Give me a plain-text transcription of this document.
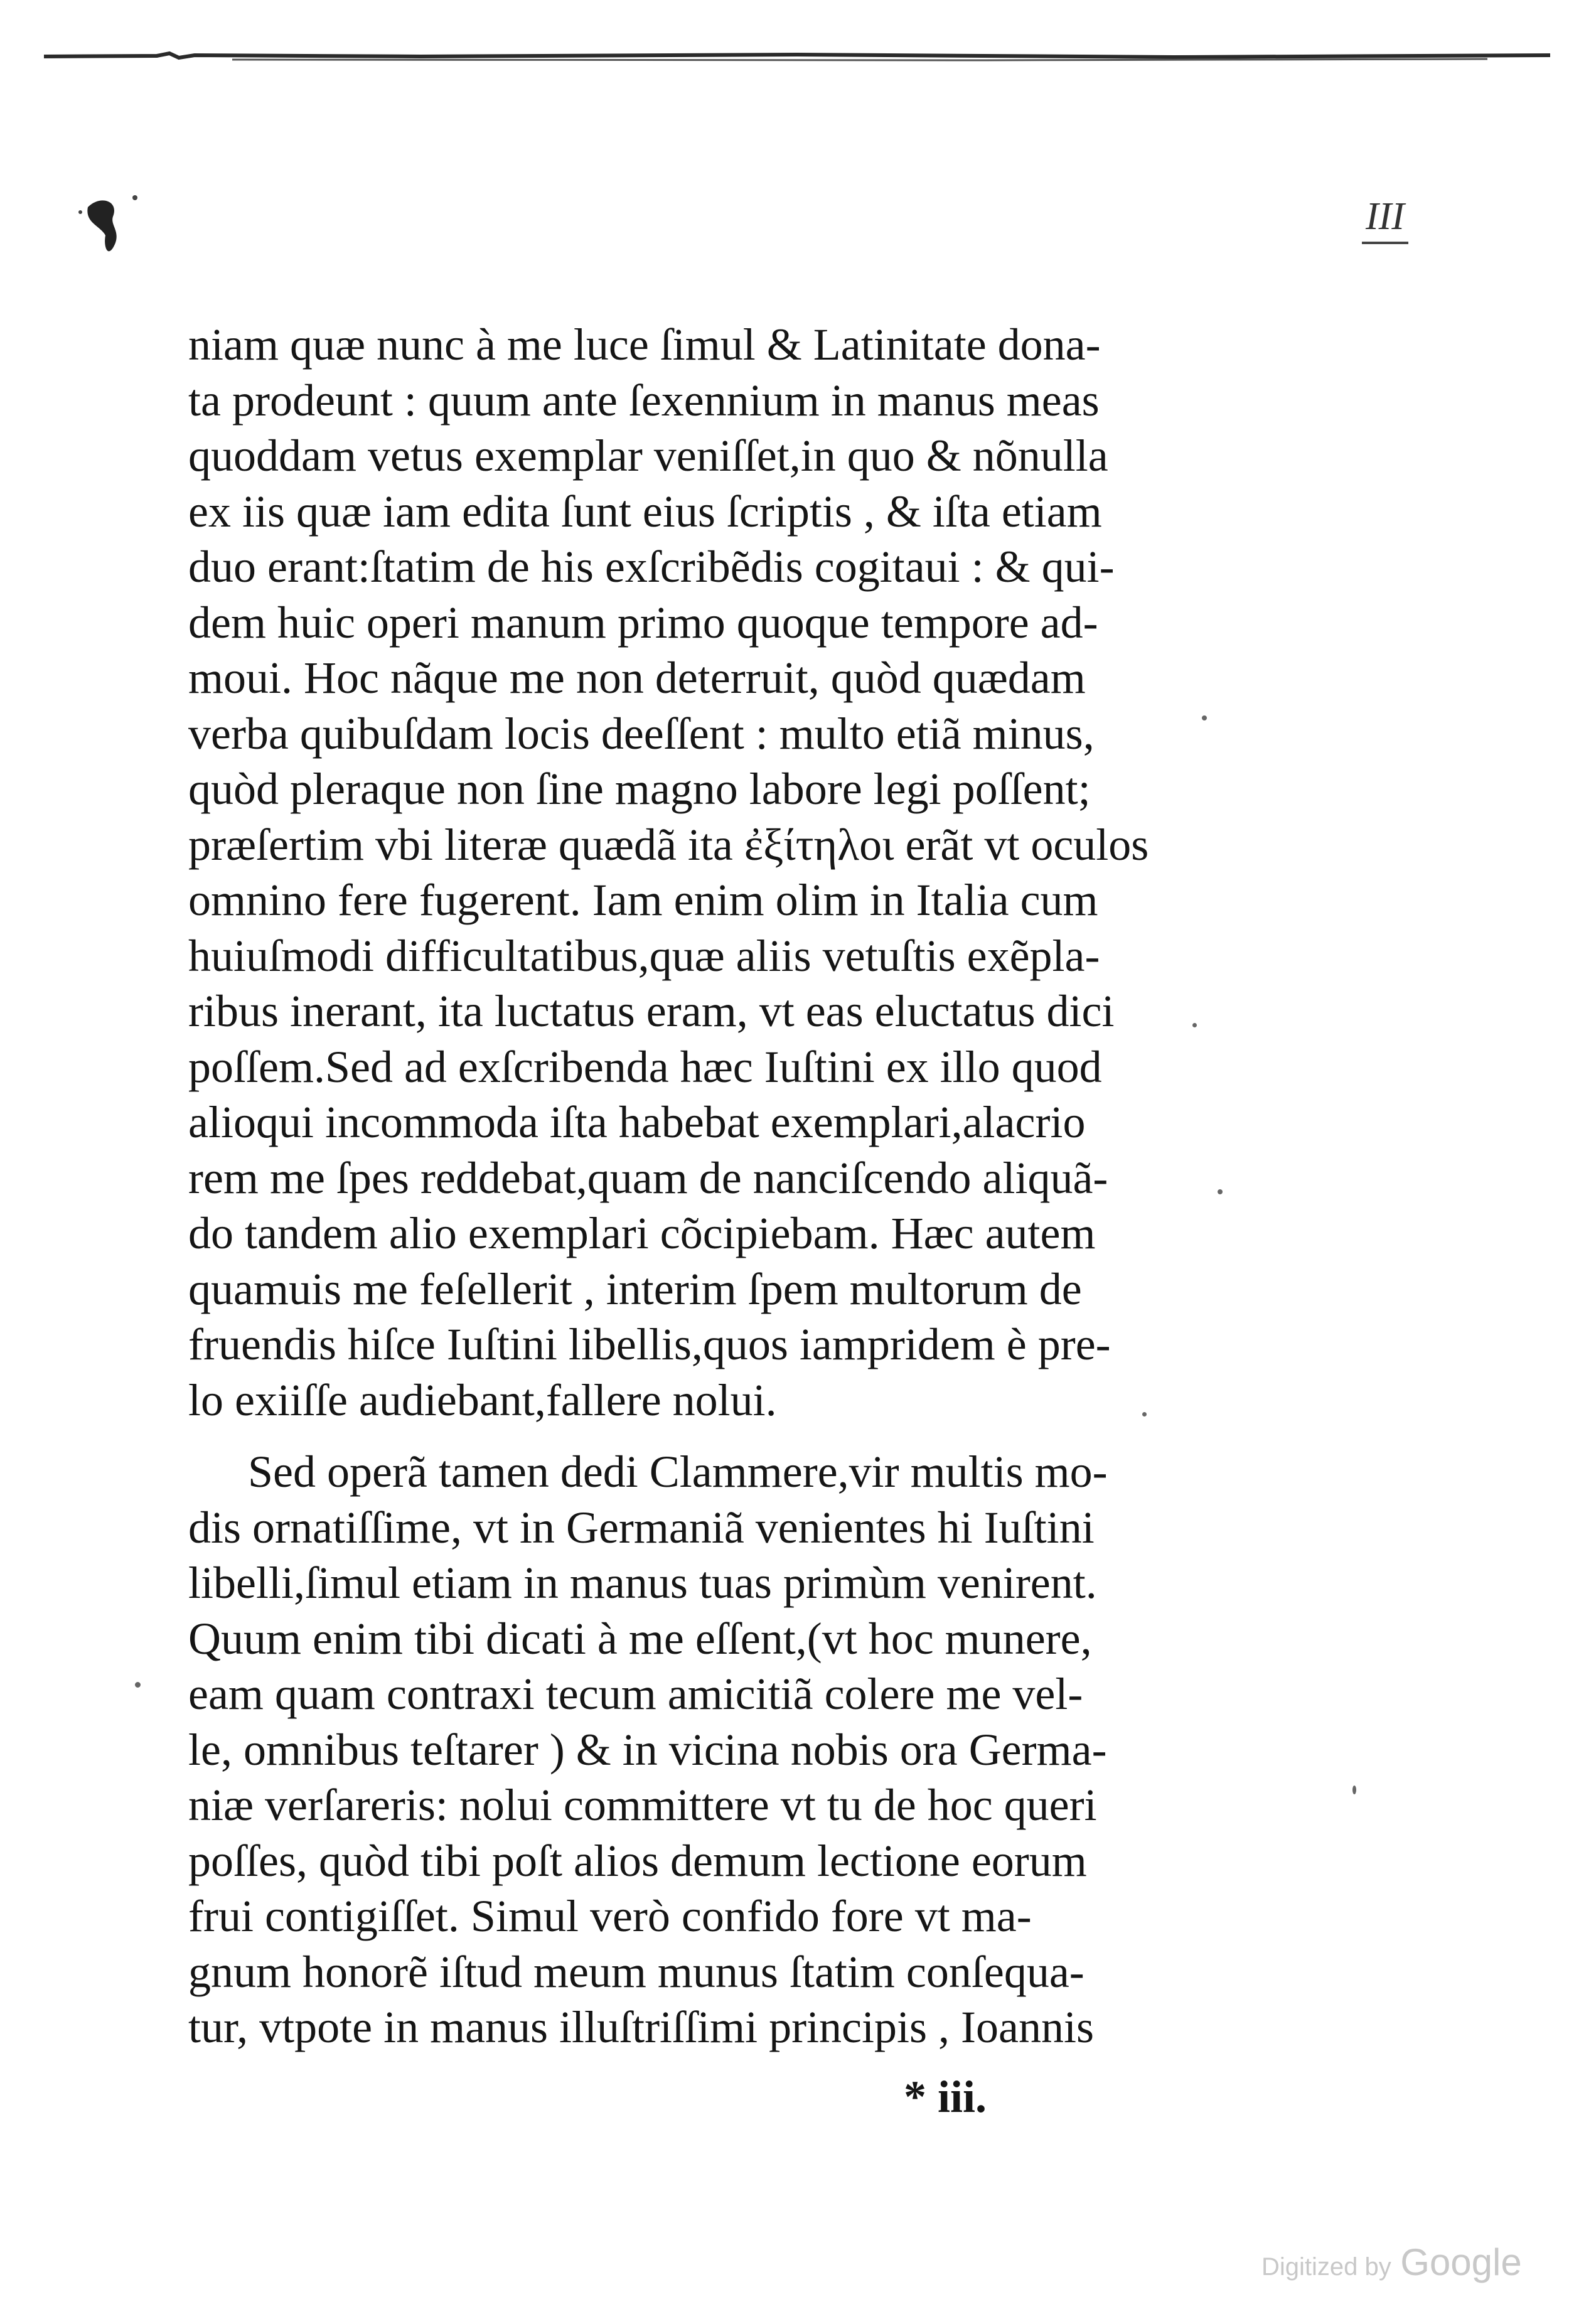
III
niam quæ nunc à me luce ſimul & Latinitate dona-
ta prodeunt : quum ante ſexennium in manus meas
quoddam vetus exemplar veniſſet,in quo & nõnulla
ex iis quæ iam edita ſunt eius ſcriptis , & iſta etiam
duo erant:ſtatim de his exſcribẽdis cogitaui : & qui-
dem huic operi manum primo quoque tempore ad-
moui. Hoc nãque me non deterruit, quòd quædam
verba quibuſdam locis deeſſent : multo etiã minus,
quòd pleraque non ſine magno labore legi poſſent;
præſertim vbi literæ quædã ita ἐξίτηλοι erãt vt oculos
omnino fere fugerent. Iam enim olim in Italia cum
huiuſmodi difficultatibus,quæ aliis vetuſtis exẽpla-
ribus inerant, ita luctatus eram, vt eas eluctatus dici
poſſem.Sed ad exſcribenda hæc Iuſtini ex illo quod
alioqui incommoda iſta habebat exemplari,alacrio
rem me ſpes reddebat,quam de nanciſcendo aliquã-
do tandem alio exemplari cõcipiebam. Hæc autem
quamuis me feſellerit , interim ſpem multorum de
fruendis hiſce Iuſtini libellis,quos iampridem è pre-
lo exiiſſe audiebant,fallere nolui.
Sed operã tamen dedi Clammere,vir multis mo-
dis ornatiſſime, vt in Germaniã venientes hi Iuſtini
libelli,ſimul etiam in manus tuas primùm venirent.
Quum enim tibi dicati à me eſſent,(vt hoc munere,
eam quam contraxi tecum amicitiã colere me vel-
le, omnibus teſtarer ) & in vicina nobis ora Germa-
niæ verſareris: nolui committere vt tu de hoc queri
poſſes, quòd tibi poſt alios demum lectione eorum
frui contigiſſet. Simul verò confido fore vt ma-
gnum honorẽ iſtud meum munus ſtatim conſequa-
tur, vtpote in manus illuſtriſſimi principis , Ioannis
* iii.
Digitized by Google
